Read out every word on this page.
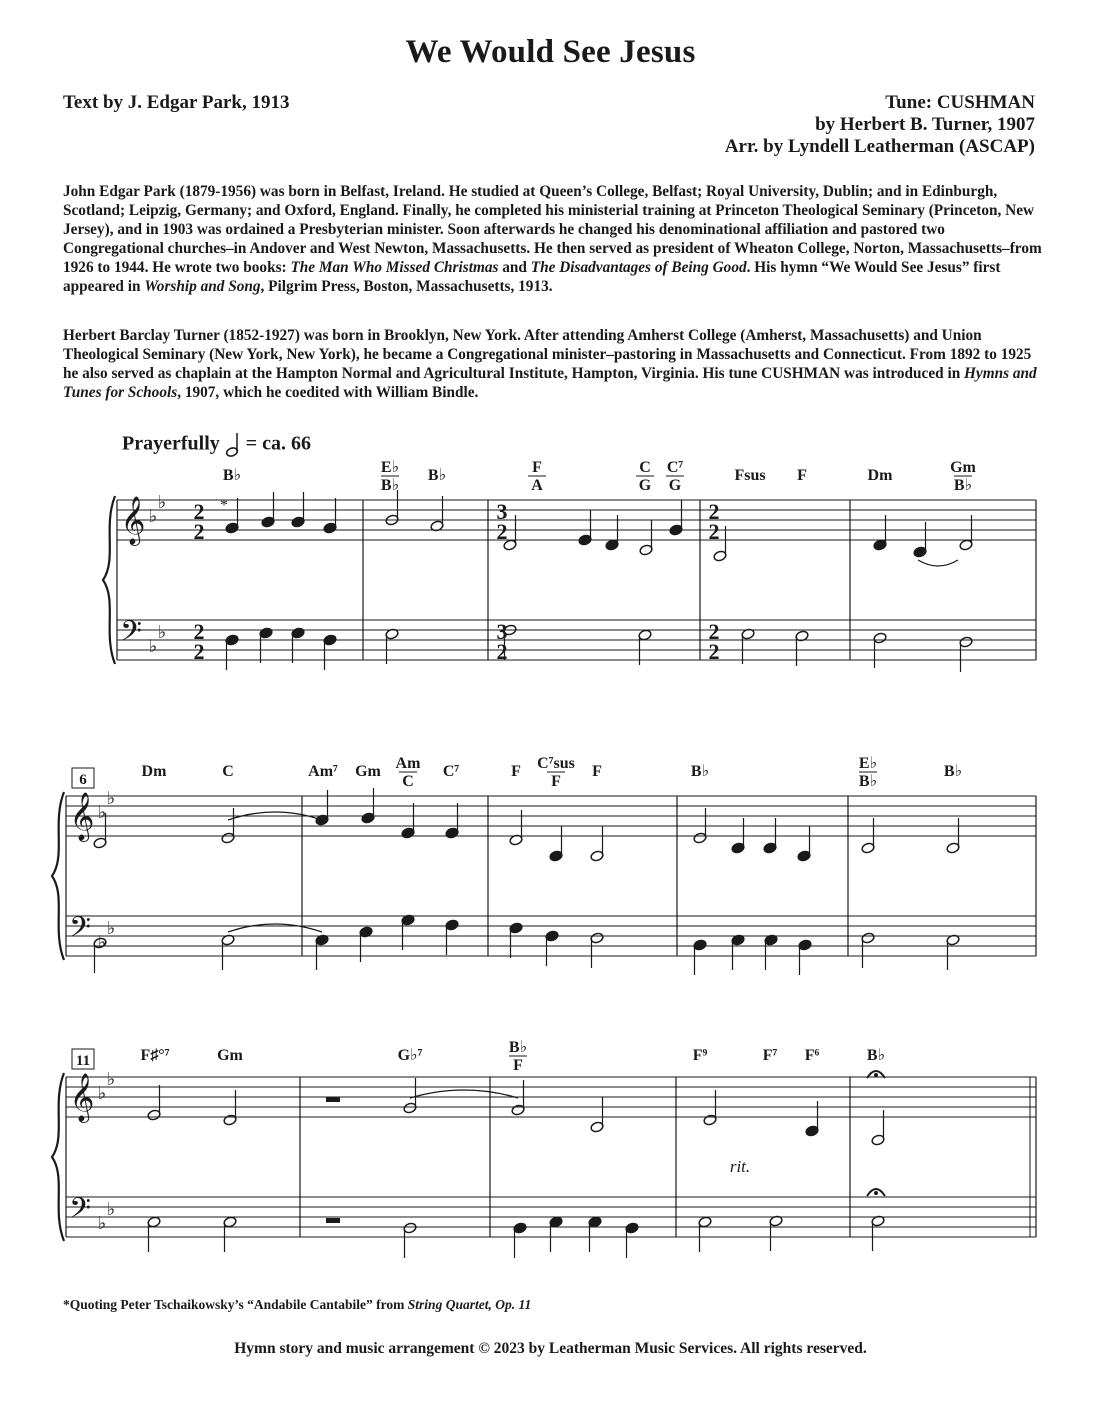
We Would See Jesus
Text by J. Edgar Park, 1913	Tune: CUSHMAN
by Herbert B. Turner, 1907
Arr. by Lyndell Leatherman (ASCAP)

John Edgar Park (1879-1956) was born in Belfast, Ireland. He studied at Queen’s College, Belfast; Royal University, Dublin; and in Edinburgh, Scotland; Leipzig, Germany; and Oxford, England. Finally, he completed his ministerial training at Princeton Theological Seminary (Princeton, New Jersey), and in 1903 was ordained a Presbyterian minister. Soon afterwards he changed his denominational affiliation and pastored two Congregational churches–in Andover and West Newton, Massachusetts. He then served as president of Wheaton College, Norton, Massachusetts–from 1926 to 1944. He wrote two books: The Man Who Missed Christmas and The Disadvantages of Being Good. His hymn “We Would See Jesus” first appeared in Worship and Song, Pilgrim Press, Boston, Massachusetts, 1913.

Herbert Barclay Turner (1852-1927) was born in Brooklyn, New York. After attending Amherst College (Amherst, Massachusetts) and Union Theological Seminary (New York, New York), he became a Congregational minister–pastoring in Massachusetts and Connecticut. From 1892 to 1925 he also served as chaplain at the Hampton Normal and Agricultural Institute, Hampton, Virginia. His tune CUSHMAN was introduced in Hymns and Tunes for Schools, 1907, which he coedited with William Bindle.

Prayerfully = ca. 66
B♭	E♭
B♭
B♭	F
A
C
G
C⁷
G
Fsus F	Dm	Gm
B♭
Dm	C	Am⁷ Gm Am
C
C⁷	F C⁷sus
F
F	B♭	E♭
B♭
B♭
F♯°⁷	Gm	G♭⁷	B♭
F
F⁹	F⁷ F⁶	B♭
𝄞
𝄢
♭
♭
♭
♭
2
2
2
2
3
2
3
2
2
2
2
2
𝄞
𝄢
♭
♭
♭
♭
𝄞
𝄢
♭
♭
♭
♭
6
11
*
rit.
*Quoting Peter Tschaikowsky’s “Andabile Cantabile” from String Quartet, Op. 11
Hymn story and music arrangement © 2023 by Leatherman Music Services. All rights reserved.
